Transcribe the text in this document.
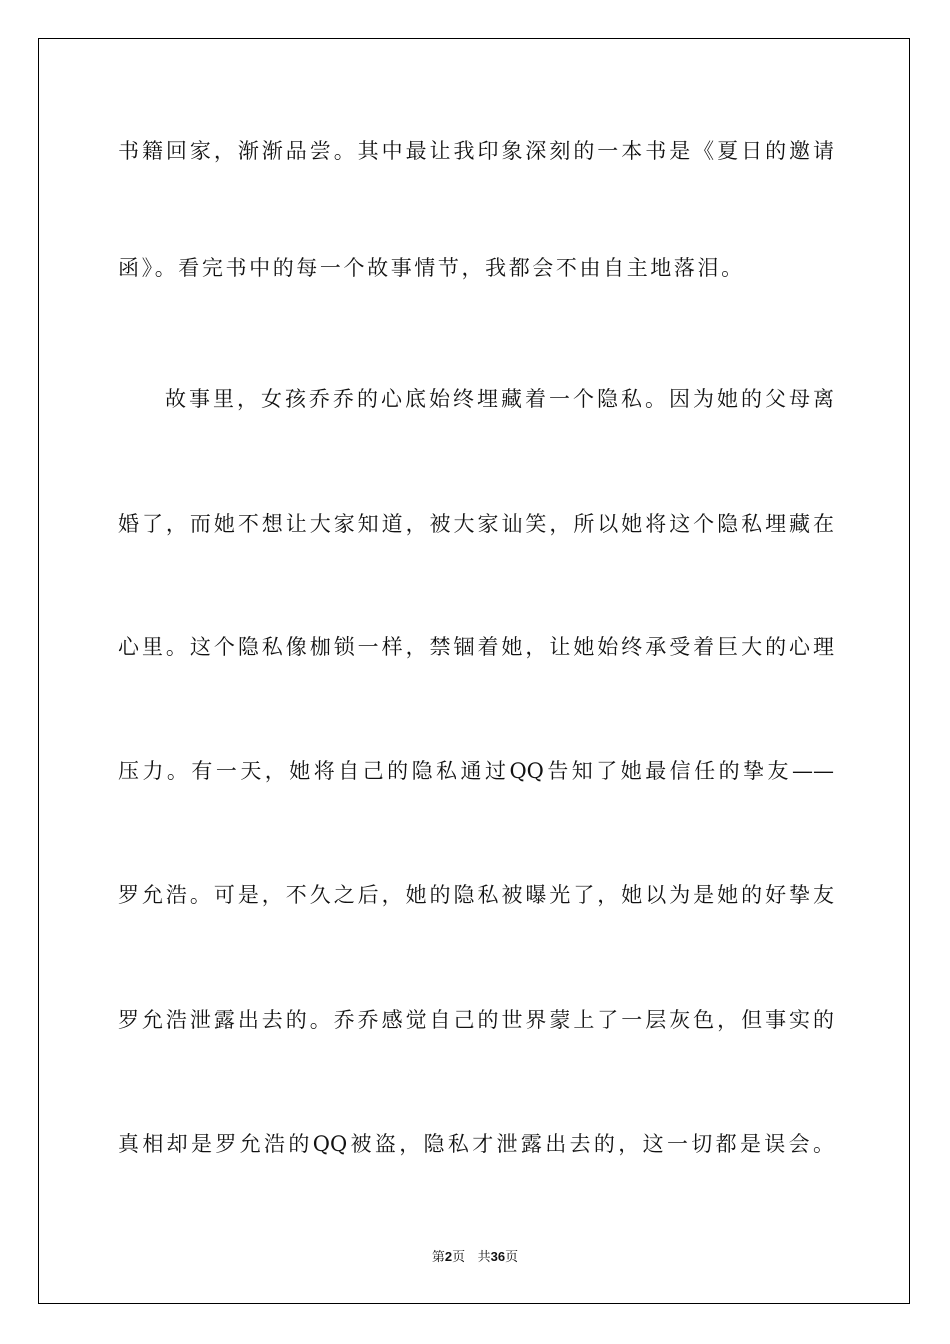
书籍回家，渐渐品尝。其中最让我印象深刻的一本书是《夏日的邀请
函》。看完书中的每一个故事情节，我都会不由自主地落泪。
故事里，女孩乔乔的心底始终埋藏着一个隐私。因为她的父母离
婚了，而她不想让大家知道，被大家讪笑，所以她将这个隐私埋藏在
心里。这个隐私像枷锁一样，禁锢着她，让她始终承受着巨大的心理
压力。有一天，她将自己的隐私通过QQ告知了她最信任的挚友——
罗允浩。可是，不久之后，她的隐私被曝光了，她以为是她的好挚友
罗允浩泄露出去的。乔乔感觉自己的世界蒙上了一层灰色，但事实的
真相却是罗允浩的QQ被盗，隐私才泄露出去的，这一切都是误会。
第2页 共36页
